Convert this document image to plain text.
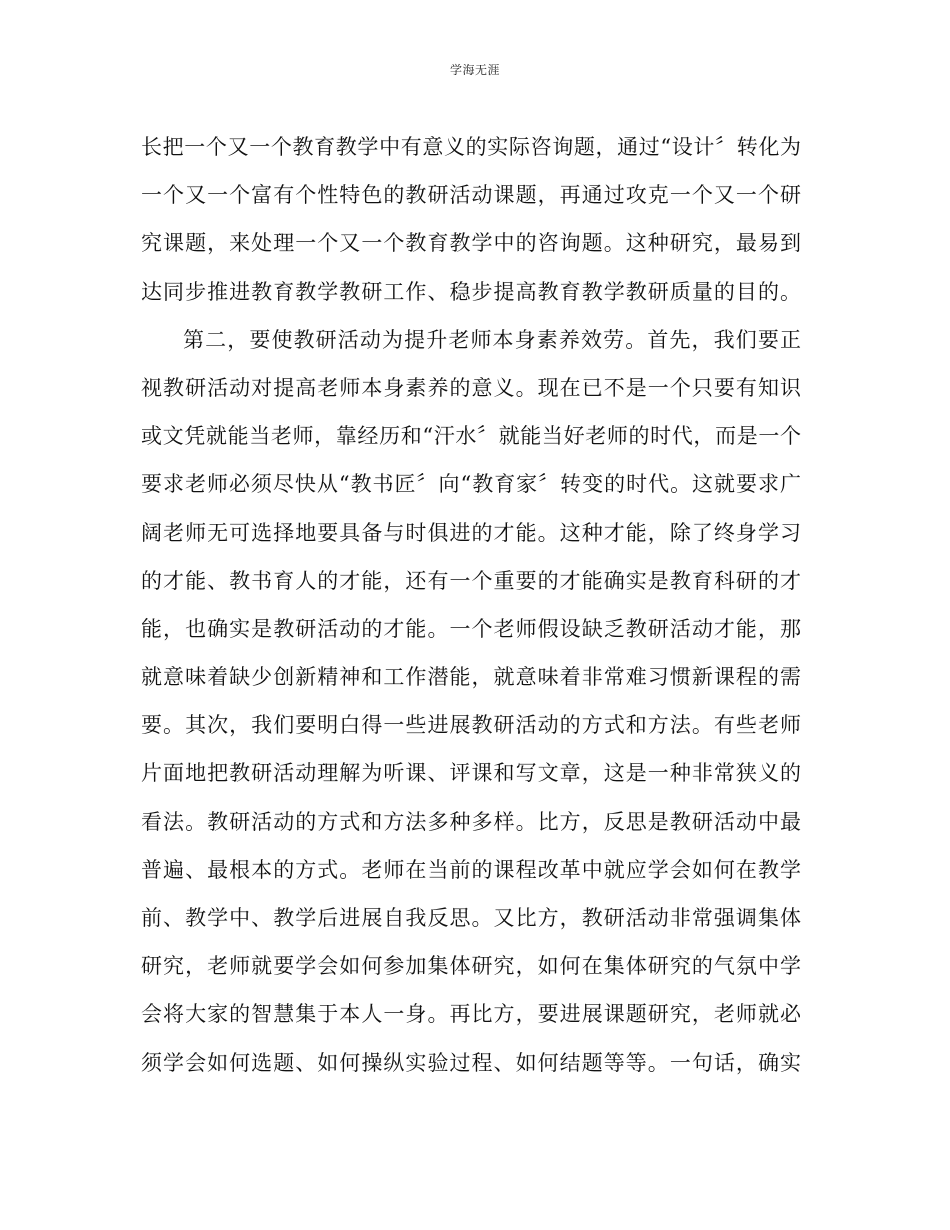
学海无涯
长把一个又一个教育教学中有意义的实际咨询题，通过“设计〞转化为
一个又一个富有个性特色的教研活动课题，再通过攻克一个又一个研
究课题，来处理一个又一个教育教学中的咨询题。这种研究，最易到
达同步推进教育教学教研工作、稳步提高教育教学教研质量的目的。
第二，要使教研活动为提升老师本身素养效劳。首先，我们要正
视教研活动对提高老师本身素养的意义。现在已不是一个只要有知识
或文凭就能当老师，靠经历和“汗水〞就能当好老师的时代，而是一个
要求老师必须尽快从“教书匠〞向“教育家〞转变的时代。这就要求广
阔老师无可选择地要具备与时俱进的才能。这种才能，除了终身学习
的才能、教书育人的才能，还有一个重要的才能确实是教育科研的才
能，也确实是教研活动的才能。一个老师假设缺乏教研活动才能，那
就意味着缺少创新精神和工作潜能，就意味着非常难习惯新课程的需
要。其次，我们要明白得一些进展教研活动的方式和方法。有些老师
片面地把教研活动理解为听课、评课和写文章，这是一种非常狭义的
看法。教研活动的方式和方法多种多样。比方，反思是教研活动中最
普遍、最根本的方式。老师在当前的课程改革中就应学会如何在教学
前、教学中、教学后进展自我反思。又比方，教研活动非常强调集体
研究，老师就要学会如何参加集体研究，如何在集体研究的气氛中学
会将大家的智慧集于本人一身。再比方，要进展课题研究，老师就必
须学会如何选题、如何操纵实验过程、如何结题等等。一句话，确实
